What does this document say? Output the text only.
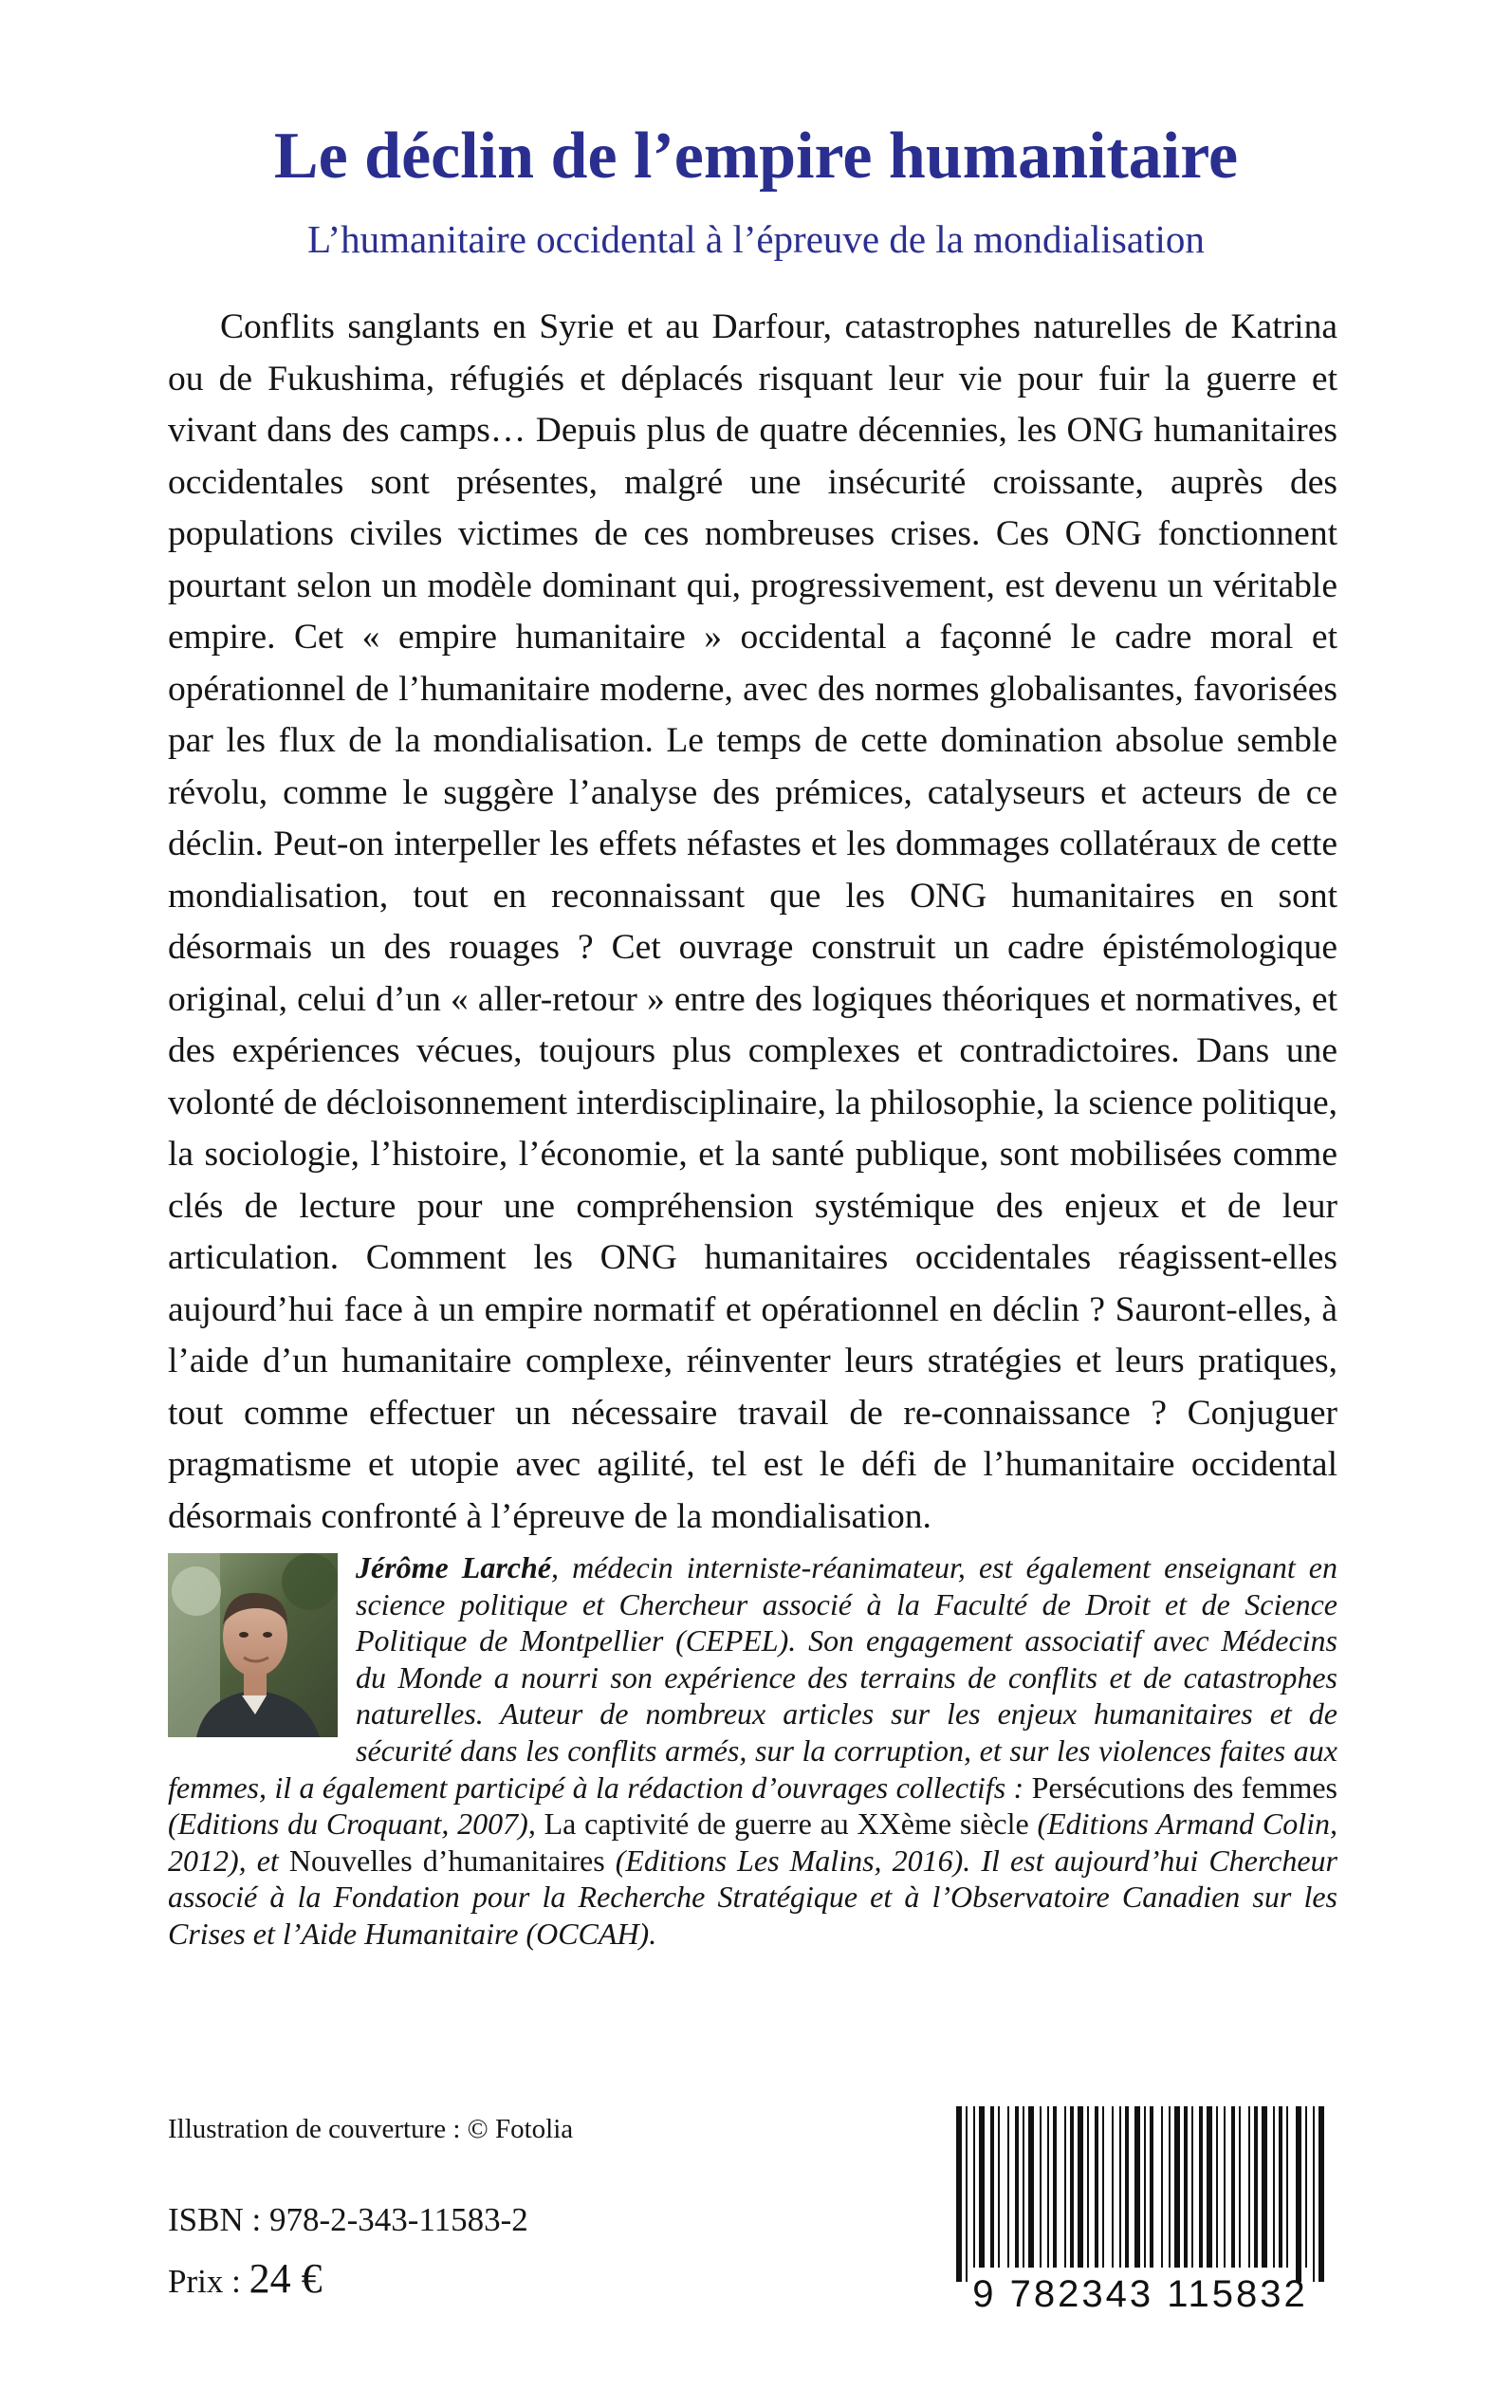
Le déclin de l’empire humanitaire
L’humanitaire occidental à l’épreuve de la mondialisation

Conflits sanglants en Syrie et au Darfour, catastrophes naturelles de Katrina ou de Fukushima, réfugiés et déplacés risquant leur vie pour fuir la guerre et vivant dans des camps… Depuis plus de quatre décennies, les ONG humanitaires occidentales sont présentes, malgré une insécurité croissante, auprès des populations civiles victimes de ces nombreuses crises. Ces ONG fonctionnent pourtant selon un modèle dominant qui, progressivement, est devenu un véritable empire. Cet « empire humanitaire » occidental a façonné le cadre moral et opérationnel de l’humanitaire moderne, avec des normes globalisantes, favorisées par les flux de la mondialisation. Le temps de cette domination absolue semble révolu, comme le suggère l’analyse des prémices, catalyseurs et acteurs de ce déclin. Peut-on interpeller les effets néfastes et les dommages collatéraux de cette mondialisation, tout en reconnaissant que les ONG humanitaires en sont désormais un des rouages ? Cet ouvrage construit un cadre épistémologique original, celui d’un « aller-retour » entre des logiques théoriques et normatives, et des expériences vécues, toujours plus complexes et contradictoires. Dans une volonté de décloisonnement interdisciplinaire, la philosophie, la science politique, la sociologie, l’histoire, l’économie, et la santé publique, sont mobilisées comme clés de lecture pour une compréhension systémique des enjeux et de leur articulation. Comment les ONG humanitaires occidentales réagissent-elles aujourd’hui face à un empire normatif et opérationnel en déclin ? Sauront-elles, à l’aide d’un humanitaire complexe, réinventer leurs stratégies et leurs pratiques, tout comme effectuer un nécessaire travail de re-connaissance ? Conjuguer pragmatisme et utopie avec agilité, tel est le défi de l’humanitaire occidental désormais confronté à l’épreuve de la mondialisation.

Jérôme Larché, médecin interniste-réanimateur, est également enseignant en science politique et Chercheur associé à la Faculté de Droit et de Science Politique de Montpellier (CEPEL). Son engagement associatif avec Médecins du Monde a nourri son expérience des terrains de conflits et de catastrophes naturelles. Auteur de nombreux articles sur les enjeux humanitaires et de sécurité dans les conflits armés, sur la corruption, et sur les violences faites aux femmes, il a également participé à la rédaction d’ouvrages collectifs : Persécutions des femmes (Editions du Croquant, 2007), La captivité de guerre au XXème siècle (Editions Armand Colin, 2012), et Nouvelles d’humanitaires (Editions Les Malins, 2016). Il est aujourd’hui Chercheur associé à la Fondation pour la Recherche Stratégique et à l’Observatoire Canadien sur les Crises et l’Aide Humanitaire (OCCAH).
Illustration de couverture : © Fotolia
ISBN : 978-2-343-11583-2
Prix : 24 €	9 782343 115832
